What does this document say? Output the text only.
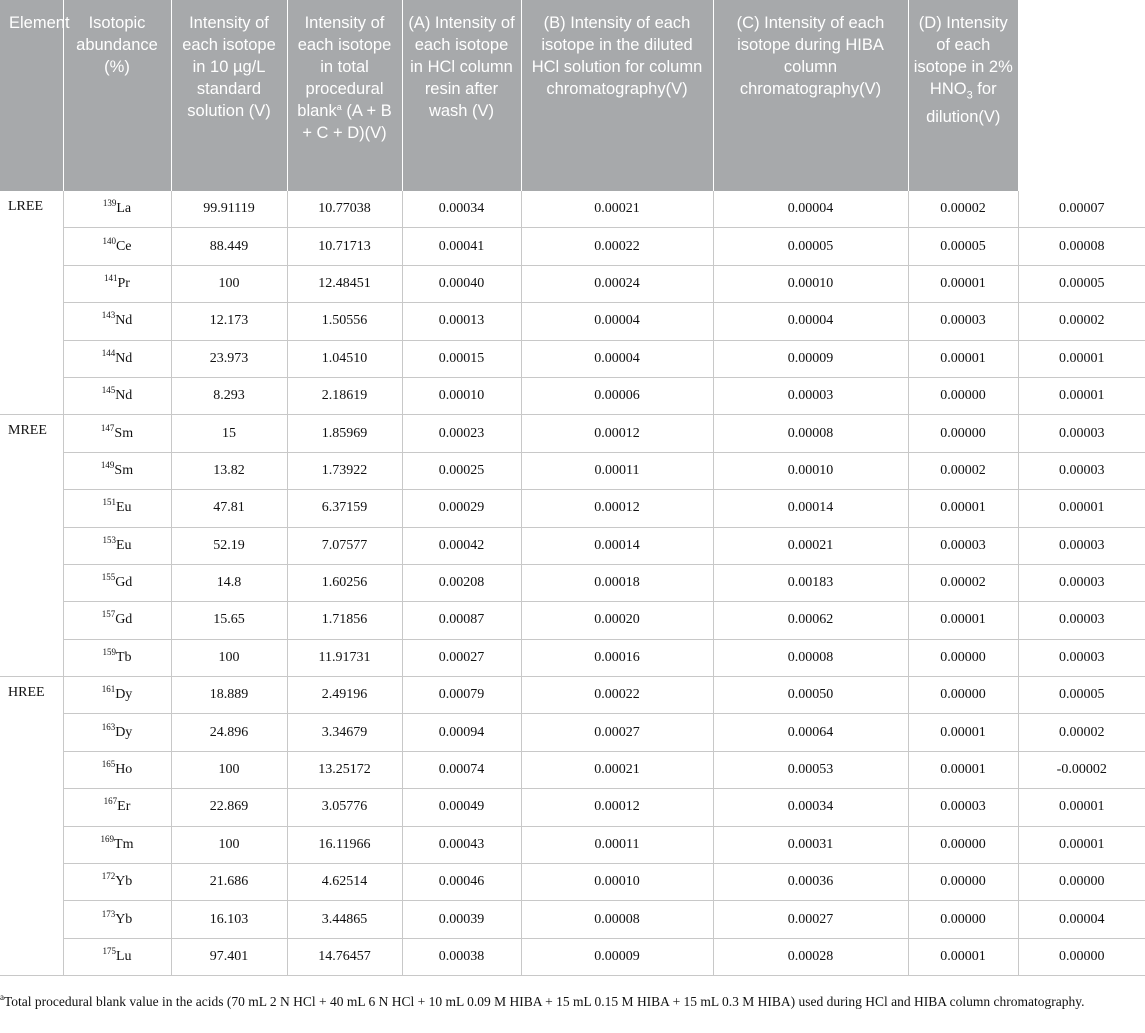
Element	Isotopic abundance (%)	Intensity of each isotope in 10 µg/L standard solution (V)	Intensity of each isotope in total procedural blank$^a$ (A + B + C + D)(V)	(A) Intensity of each isotope in HCl column resin after wash (V)	(B) Intensity of each isotope in the diluted HCl solution for column chromatography(V)	(C) Intensity of each isotope during HIBA column chromatography(V)	(D) Intensity of each isotope in 2% $HNO_3$ for dilution(V)	
LREE	$^{139}$La	99.91119	10.77038	0.00034	0.00021	0.00004	0.00002	0.00007
	$^{140}$Ce	88.449	10.71713	0.00041	0.00022	0.00005	0.00005	0.00008
	$^{141}$Pr	100	12.48451	0.00040	0.00024	0.00010	0.00001	0.00005
	$^{143}$Nd	12.173	1.50556	0.00013	0.00004	0.00004	0.00003	0.00002
	$^{144}$Nd	23.973	1.04510	0.00015	0.00004	0.00009	0.00001	0.00001
	$^{145}$Nd	8.293	2.18619	0.00010	0.00006	0.00003	0.00000	0.00001
MREE	$^{147}$Sm	15	1.85969	0.00023	0.00012	0.00008	0.00000	0.00003
	$^{149}$Sm	13.82	1.73922	0.00025	0.00011	0.00010	0.00002	0.00003
	$^{151}$Eu	47.81	6.37159	0.00029	0.00012	0.00014	0.00001	0.00001
	$^{153}$Eu	52.19	7.07577	0.00042	0.00014	0.00021	0.00003	0.00003
	$^{155}$Gd	14.8	1.60256	0.00208	0.00018	0.00183	0.00002	0.00003
	$^{157}$Gd	15.65	1.71856	0.00087	0.00020	0.00062	0.00001	0.00003
	$^{159}$Tb	100	11.91731	0.00027	0.00016	0.00008	0.00000	0.00003
HREE	$^{161}$Dy	18.889	2.49196	0.00079	0.00022	0.00050	0.00000	0.00005
	$^{163}$Dy	24.896	3.34679	0.00094	0.00027	0.00064	0.00001	0.00002
	$^{165}$Ho	100	13.25172	0.00074	0.00021	0.00053	0.00001	-0.00002
	$^{167}$Er	22.869	3.05776	0.00049	0.00012	0.00034	0.00003	0.00001
	$^{169}$Tm	100	16.11966	0.00043	0.00011	0.00031	0.00000	0.00001
	$^{172}$Yb	21.686	4.62514	0.00046	0.00010	0.00036	0.00000	0.00000
	$^{173}$Yb	16.103	3.44865	0.00039	0.00008	0.00027	0.00000	0.00004
	$^{175}$Lu	97.401	14.76457	0.00038	0.00009	0.00028	0.00001	0.00000
$^a$Total procedural blank value in the acids (70 mL 2 N HCl + 40 mL 6 N HCl + 10 mL 0.09 M HIBA + 15 mL 0.15 M HIBA + 15 mL 0.3 M HIBA) used during HCl and HIBA column chromatography.
